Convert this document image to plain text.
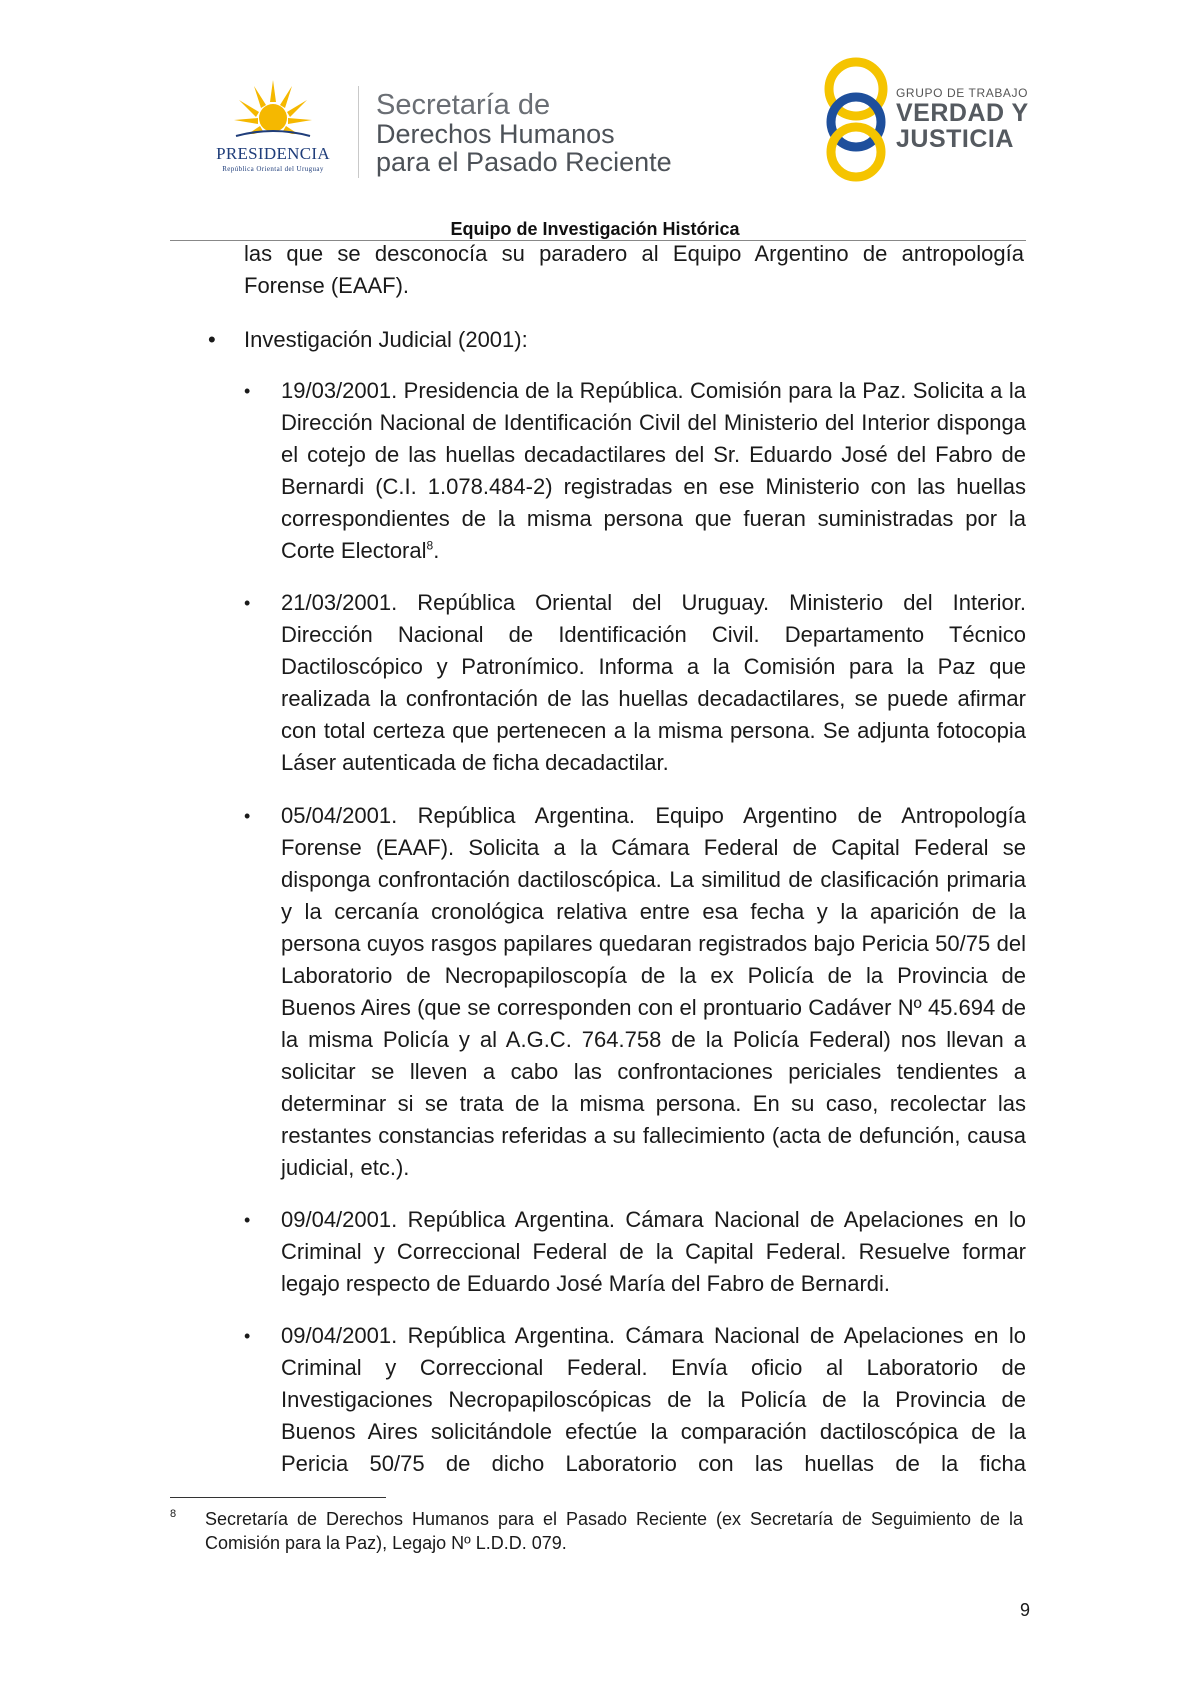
PRESIDENCIA
República Oriental del Uruguay
Secretaría de
Derechos Humanos
para el Pasado Reciente
GRUPO DE TRABAJO
VERDAD Y
JUSTICIA
Equipo de Investigación Histórica
las que se desconocía su paradero al Equipo Argentino de antropología Forense (EAAF).
• Investigación Judicial (2001):
• 19/03/2001. Presidencia de la República. Comisión para la Paz. Solicita a la Dirección Nacional de Identificación Civil del Ministerio del Interior disponga el cotejo de las huellas decadactilares del Sr. Eduardo José del Fabro de Bernardi (C.I. 1.078.484-2) registradas en ese Ministerio con las huellas correspondientes de la misma persona que fueran suministradas por la Corte Electoral$^8$.
• 21/03/2001. República Oriental del Uruguay. Ministerio del Interior. Dirección Nacional de Identificación Civil. Departamento Técnico Dactiloscópico y Patronímico. Informa a la Comisión para la Paz que realizada la confrontación de las huellas decadactilares, se puede afirmar con total certeza que pertenecen a la misma persona. Se adjunta fotocopia Láser autenticada de ficha decadactilar.
• 05/04/2001. República Argentina. Equipo Argentino de Antropología Forense (EAAF). Solicita a la Cámara Federal de Capital Federal se disponga confrontación dactiloscópica. La similitud de clasificación primaria y la cercanía cronológica relativa entre esa fecha y la aparición de la persona cuyos rasgos papilares quedaran registrados bajo Pericia 50/75 del Laboratorio de Necropapiloscopía de la ex Policía de la Provincia de Buenos Aires (que se corresponden con el prontuario Cadáver Nº 45.694 de la misma Policía y al A.G.C. 764.758 de la Policía Federal) nos llevan a solicitar se lleven a cabo las confrontaciones periciales tendientes a determinar si se trata de la misma persona. En su caso, recolectar las restantes constancias referidas a su fallecimiento (acta de defunción, causa judicial, etc.).
• 09/04/2001. República Argentina. Cámara Nacional de Apelaciones en lo Criminal y Correccional Federal de la Capital Federal. Resuelve formar legajo respecto de Eduardo José María del Fabro de Bernardi.
• 09/04/2001. República Argentina. Cámara Nacional de Apelaciones en lo Criminal y Correccional Federal. Envía oficio al Laboratorio de Investigaciones Necropapiloscópicas de la Policía de la Provincia de Buenos Aires solicitándole efectúe la comparación dactiloscópica de la Pericia 50/75 de dicho Laboratorio con las huellas de la ficha
8 Secretaría de Derechos Humanos para el Pasado Reciente (ex Secretaría de Seguimiento de la Comisión para la Paz), Legajo Nº L.D.D. 079.
9
